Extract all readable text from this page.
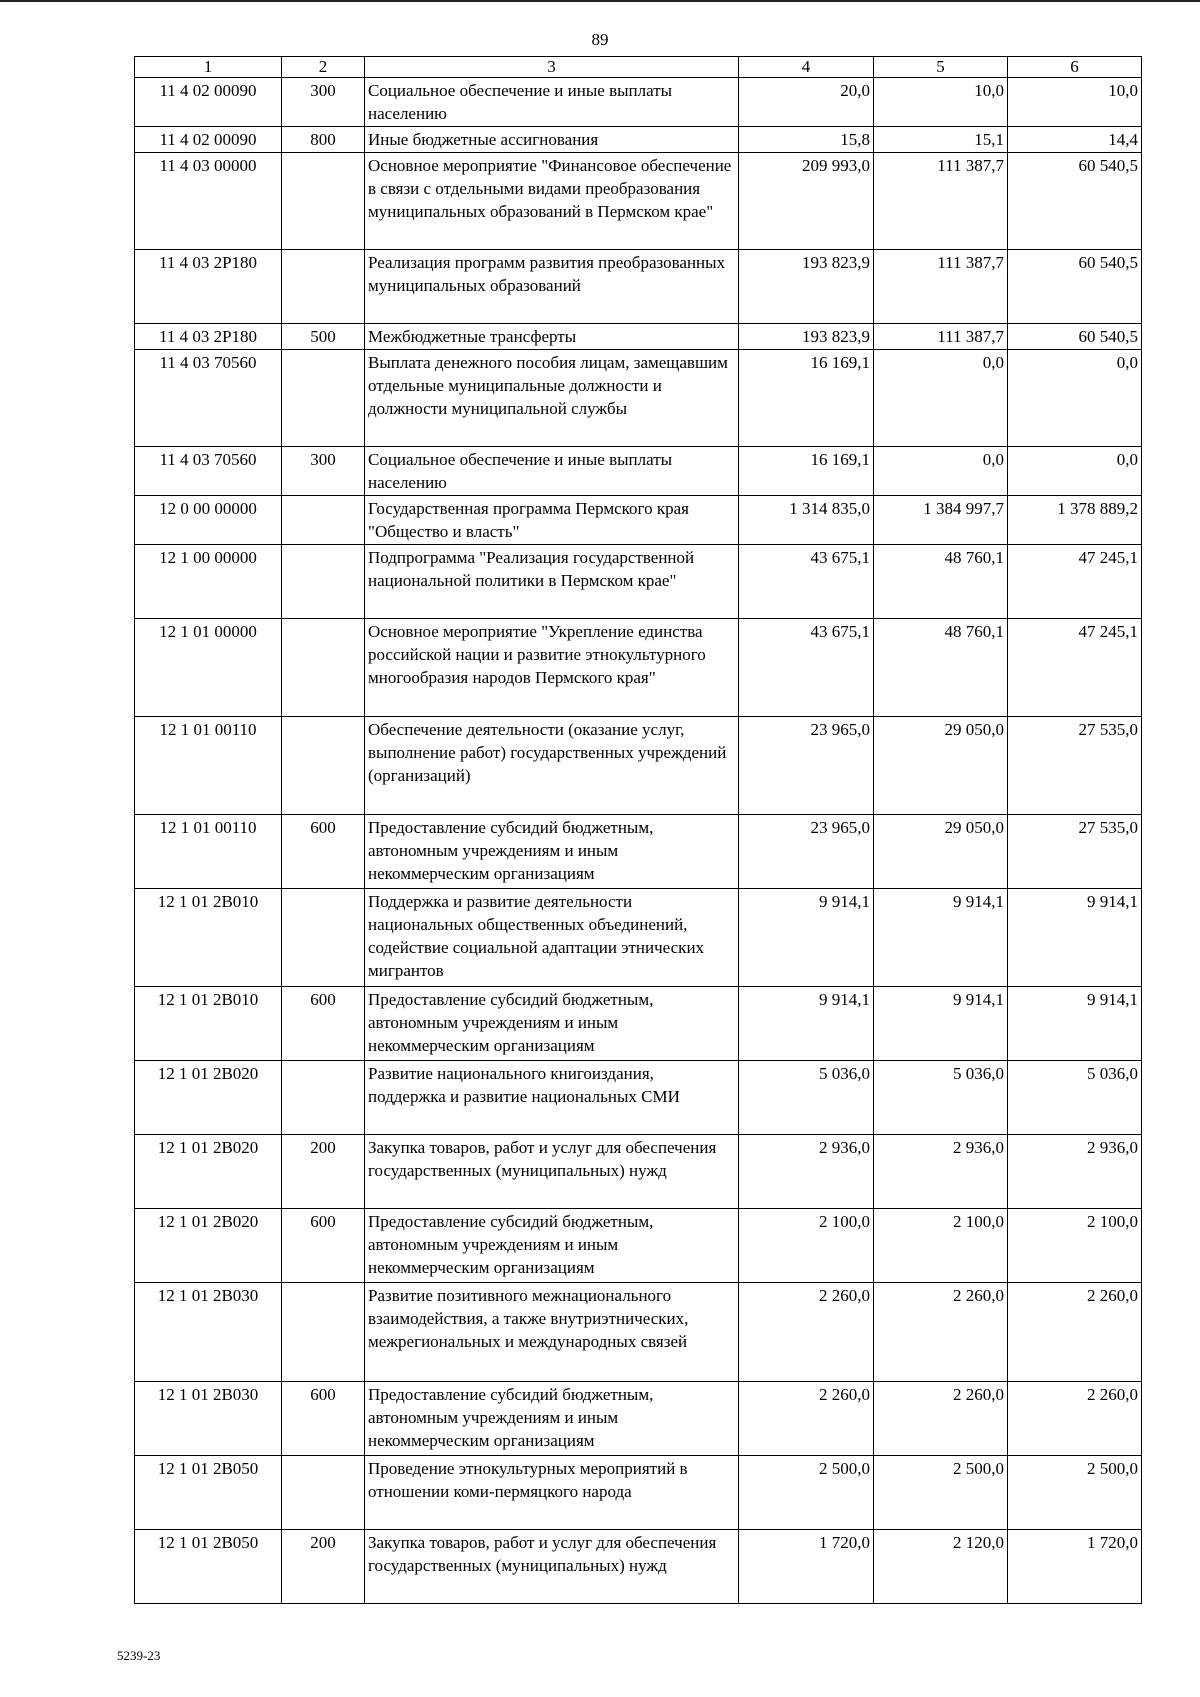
89
1	2	3	4	5	6
11 4 02 00090	300	Социальное обеспечение и иные выплаты населению	20,0	10,0	10,0
11 4 02 00090	800	Иные бюджетные ассигнования	15,8	15,1	14,4
11 4 03 00000		Основное мероприятие "Финансовое обеспечение в связи с отдельными видами преобразования муниципальных образований в Пермском крае"	209 993,0	111 387,7	60 540,5
11 4 03 2P180		Реализация программ развития преобразованных муниципальных образований	193 823,9	111 387,7	60 540,5
11 4 03 2P180	500	Межбюджетные трансферты	193 823,9	111 387,7	60 540,5
11 4 03 70560		Выплата денежного пособия лицам, замещавшим отдельные муниципальные должности и должности муниципальной службы	16 169,1	0,0	0,0
11 4 03 70560	300	Социальное обеспечение и иные выплаты населению	16 169,1	0,0	0,0
12 0 00 00000		Государственная программа Пермского края "Общество и власть"	1 314 835,0	1 384 997,7	1 378 889,2
12 1 00 00000		Подпрограмма "Реализация государственной национальной политики в Пермском крае"	43 675,1	48 760,1	47 245,1
12 1 01 00000		Основное мероприятие "Укрепление единства российской нации и развитие этнокультурного многообразия народов Пермского края"	43 675,1	48 760,1	47 245,1
12 1 01 00110		Обеспечение деятельности (оказание услуг, выполнение работ) государственных учреждений (организаций)	23 965,0	29 050,0	27 535,0
12 1 01 00110	600	Предоставление субсидий бюджетным, автономным учреждениям и иным некоммерческим организациям	23 965,0	29 050,0	27 535,0
12 1 01 2B010		Поддержка и развитие деятельности национальных общественных объединений, содействие социальной адаптации этнических мигрантов	9 914,1	9 914,1	9 914,1
12 1 01 2B010	600	Предоставление субсидий бюджетным, автономным учреждениям и иным некоммерческим организациям	9 914,1	9 914,1	9 914,1
12 1 01 2B020		Развитие национального книгоиздания, поддержка и развитие национальных СМИ	5 036,0	5 036,0	5 036,0
12 1 01 2B020	200	Закупка товаров, работ и услуг для обеспечения государственных (муниципальных) нужд	2 936,0	2 936,0	2 936,0
12 1 01 2B020	600	Предоставление субсидий бюджетным, автономным учреждениям и иным некоммерческим организациям	2 100,0	2 100,0	2 100,0
12 1 01 2B030		Развитие позитивного межнационального взаимодействия, а также внутриэтнических, межрегиональных и международных связей	2 260,0	2 260,0	2 260,0
12 1 01 2B030	600	Предоставление субсидий бюджетным, автономным учреждениям и иным некоммерческим организациям	2 260,0	2 260,0	2 260,0
12 1 01 2B050		Проведение этнокультурных мероприятий в отношении коми-пермяцкого народа	2 500,0	2 500,0	2 500,0
12 1 01 2B050	200	Закупка товаров, работ и услуг для обеспечения государственных (муниципальных) нужд	1 720,0	2 120,0	1 720,0
5239-23
